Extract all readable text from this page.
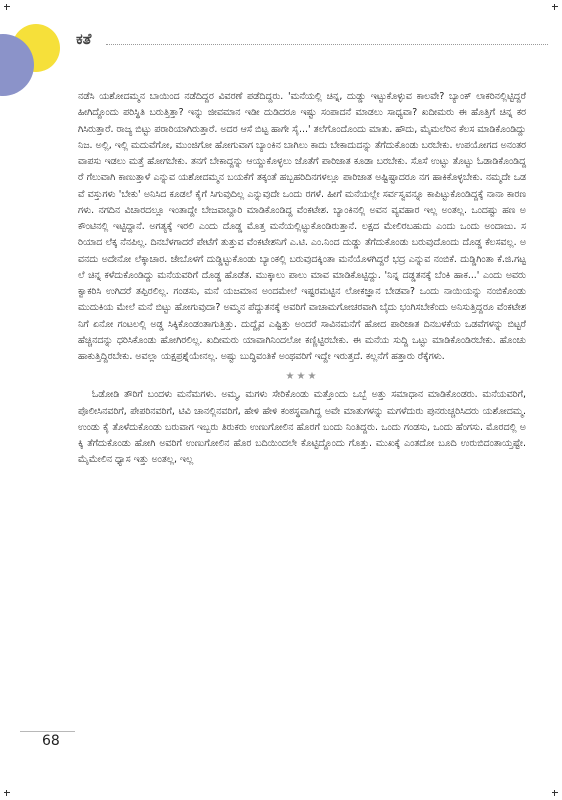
ಕತೆ

ನಡೆಸಿ ಯಶೋದಮ್ಮನ ಬಾಯಿಂದ ನಡೆದಿದ್ದರ ವಿವರಣೆ ಪಡೆದಿದ್ದರು. 'ಮನೆಯಲ್ಲಿ ಚಿನ್ನ, ದುಡ್ಡು ಇಟ್ಟುಕೊಳ್ಳುವ ಕಾಲವೇ? ಬ್ಯಾಂಕ್ ಲಾಕರಿನಲ್ಲಿಟ್ಟಿದ್ದರೆ ಹೀಗಿದ್ದೊಂದು ಪರಿಸ್ಥಿತಿ ಬರುತ್ತಿತ್ತಾ? ಇನ್ನು ಜೀವಮಾನ ಇಡೀ ದುಡಿದರೂ ಇಷ್ಟು ಸಂಪಾದನೆ ಮಾಡಲು ಸಾಧ್ಯವಾ? ಖದೀಮರು ಈ ಹೊತ್ತಿಗೆ ಚಿನ್ನ ಕರಗಿಸಿರುತ್ತಾರೆ. ರಾಜ್ಯ ಬಿಟ್ಟು ಪರಾರಿಯಾಗಿರುತ್ತಾರೆ. ಅದರ ಆಸೆ ಬಿಟ್ಟ ಹಾಗೇ ಸೈ...' ತಲೆಗೊಂದೊಂದು ಮಾತು. ಹೌದು, ಮೈಮಲೆರಿನ ಕೆಲಸ ಮಾಡಿಕೊಂಡಿದ್ದು ನಿಜ. ಅಲ್ಲಿ, ಇಲ್ಲಿ ಮದುವೆಗೋ, ಮುಂಜಿಗೋ ಹೋಗುವಾಗ ಬ್ಯಾಂಕಿನ ಬಾಗಿಲು ಕಾದು ಬೇಕಾದುದನ್ನು ತೆಗೆದುಕೊಂಡು ಬರಬೇಕು. ಉಪಯೋಗದ ಅನಂತರ ವಾಪಸು ಇಡಲು ಮತ್ತೆ ಹೋಗಬೇಕು. ತನಗೆ ಬೇಕಾದ್ದನ್ನು ಆಯ್ದುಕೊಳ್ಳಲು ಜೊತೆಗೆ ಪಾರಿಜಾತ ಕೂಡಾ ಬರಬೇಕು. ಸೊಸೆ ಉಟ್ಟು ತೊಟ್ಟು ಓಡಾಡಿಕೊಂಡಿದ್ದರೆ ಗೆಲುವಾಗಿ ಕಾಣುತ್ತಾಳೆ ಎನ್ನುವ ಯಶೋದಮ್ಮನ ಬಯಕೆಗೆ ತಕ್ಕಂತೆ ಹಬ್ಬಹರಿದಿನಗಳಲ್ಲೂ ಪಾರಿಜಾತ ಅಷ್ಟಿಷ್ಟಾದರೂ ನಗ ಹಾಕಿಕೊಳ್ಳಬೇಕು. ನಮ್ಮದೇ ಒಡವೆ ವಸ್ತುಗಳು 'ಬೇಕು' ಅನಿಸಿದ ಕೂಡಲೆ ಕೈಗೆ ಸಿಗುವುದಿಲ್ಲ ಎನ್ನುವುದೇ ಒಂದು ರಗಳೆ. ಹೀಗೆ ಮನೆಯಲ್ಲೇ ಸರ್ವಸ್ವವನ್ನೂ ಕಾಪಿಟ್ಟುಕೊಂಡಿದ್ದಕ್ಕೆ ನಾನಾ ಕಾರಣಗಳು. ನಗದಿನ ವಿಚಾರದಲ್ಲೂ ಇಂತಾದ್ದೇ ಬೇಜವಾಬ್ದಾರಿ ಮಾಡಿಕೊಂಡಿದ್ದ ವೆಂಕಟೇಶ. ಬ್ಯಾಂಕಿನಲ್ಲಿ ಅವನ ವ್ಯವಹಾರ ಇಲ್ಲ ಅಂತಲ್ಲ. ಒಂದಷ್ಟು ಹಣ ಅಕೌಂಟಿನಲ್ಲಿ ಇಟ್ಟಿದ್ದಾನೆ. ಅಗತ್ಯಕ್ಕೆ ಇರಲಿ ಎಂದು ದೊಡ್ಡ ಮೊತ್ತ ಮನೆಯಲ್ಲಿಟ್ಟುಕೊಂಡಿರುತ್ತಾನೆ. ಲಕ್ಷದ ಮೇಲಿರಬಹುದು ಎಂದು ಒಂದು ಅಂದಾಜು. ಸರಿಯಾದ ಲೆಕ್ಕ ನೆನಪಿಲ್ಲ. ದಿನಬೆಳಗಾದರೆ ಪೇಟೆಗೆ ತುತ್ತುವ ವೆಂಕಟೇಶನಿಗೆ ಎ.ಟಿ. ಎಂ.ನಿಂದ ದುಡ್ಡು ತೆಗೆದುಕೊಂಡು ಬರುವುದೊಂದು ದೊಡ್ಡ ಕೆಲಸವಲ್ಲ. ಅವನದು ಅದೇನೋ ಲೆಕ್ಕಾಚಾರ. ಜೇಬೊಳಗೆ ದುಡ್ಡಿಟ್ಟುಕೊಂಡು ಬ್ಯಾಂಕಲ್ಲಿ ಬರುವುದಕ್ಕಿಂತಾ ಮನೆಯೊಳಗಿದ್ದರೆ ಭದ್ರ ಎನ್ನುವ ನಂಬಿಕೆ. ದುಡ್ಡಿಗಿಂತಾ ಕೆ.ಜಿ.ಗಟ್ಟಲೆ ಚಿನ್ನ ಕಳೆದುಕೊಂಡಿದ್ದು ಮನೆಯವರಿಗೆ ದೊಡ್ಡ ಹೊಡೆತ. ಮುಕ್ಕಾಲು ಪಾಲು ಮಾವ ಮಾಡಿಕೊಟ್ಟಿದ್ದು. 'ನಿನ್ನ ದಡ್ಡತನಕ್ಕೆ ಬೆಂಕಿ ಹಾಕ...' ಎಂದು ಅವರು ಕ್ವಾಕರಿಸಿ ಉಗಿದರೆ ತಪ್ಪಿರಲಿಲ್ಲ. ಗಂಡಸು, ಮನೆ ಯಜಮಾನ ಅಂದಮೇಲೆ ಇಷ್ಟರಮಟ್ಟಿನ ಲೋಕಜ್ಞಾನ ಬೇಡವಾ? ಒಂದು ನಾಯಿಯನ್ನು ನಂಬಿಕೊಂಡು ಮುದುಕಿಯ ಮೇಲೆ ಮನೆ ಬಿಟ್ಟು ಹೋಗುವುದಾ? ಅಮ್ಮನ ಪೆದ್ದುತನಕ್ಕೆ ಅವರಿಗೆ ವಾಚಾಮಗೋಚರವಾಗಿ ಬೈದು ಭಂಗಿಸಬೇಕೆಂದು ಅನಿಸುತ್ತಿದ್ದರೂ ವೆಂಕಟೇಶನಿಗೆ ಏನೋ ಗಂಟಲಲ್ಲಿ ಅಡ್ಡ ಸಿಕ್ಕಿಕೊಂಡಂತಾಗುತ್ತಿತ್ತು. ದುದ್ದೈವ ಎಷ್ಟಿತ್ತು ಅಂದರೆ ಸಾವಿನಮನೆಗೆ ಹೋದ ಪಾರಿಜಾತ ದಿನಬಳಕೆಯ ಒಡವೆಗಳನ್ನು ಬಿಟ್ಟರೆ ಹೆಚ್ಚಿನದನ್ನು ಧರಿಸಿಕೊಂಡು ಹೋಗಿರಲಿಲ್ಲ. ಖದೀಮರು ಯಾವಾಗಿನಿಂದಲೋ ಕಣ್ಣಿಟ್ಟಿರಬೇಕು. ಈ ಮನೆಯ ಸುದ್ದಿ ಒಟ್ಟು ಮಾಡಿಕೊಂಡಿರಬೇಕು. ಹೊಂಚು ಹಾಕುತ್ತಿದ್ದಿರಬೇಕು. ಅವಲ್ಲಾ ಯಕ್ಷಪ್ರಶ್ನೆಯೇನಲ್ಲ. ಅಷ್ಟು ಬುದ್ಧಿವಂತಿಕೆ ಅಂಥವರಿಗೆ ಇದ್ದೇ ಇರುತ್ತದೆ. ಕಲ್ಲನೆಗೆ ಹತ್ತಾರು ರೆಕ್ಕೆಗಳು.

★★★

ಓಡೋಡಿ ತೌರಿಗೆ ಬಂದಳು ಮನೆಮಗಳು. ಅಮ್ಮ, ಮಗಳು ಸೇರಿಕೊಂಡು ಮತ್ತೊಂದು ಒಬ್ಬೆ ಅತ್ತು ಸಮಾಧಾನ ಮಾಡಿಕೊಂಡರು. ಮನೆಯವರಿಗೆ, ಪೊಲೀಸಿನವರಿಗೆ, ಪೇಪರಿನವರಿಗೆ, ಟಿವಿ ಚಾನಲ್ಲಿನವರಿಗೆ, ಹೇಳಿ ಹೇಳಿ ಕಂಠಸ್ಥವಾಗಿದ್ದ ಅವೇ ಮಾತುಗಳನ್ನು ಮಗಳೆದುರು ಪುನರುಚ್ಚರಿಸಿದರು ಯಶೋದಮ್ಮ. ಉಂಡು ಕೈ ತೊಳೆದುಕೊಂಡು ಬರುವಾಗ ಇಬ್ಬರು ತಿರುಕರು ಉಣುಗೋಲಿನ ಹೊರಗೆ ಬಂದು ನಿಂತಿದ್ದರು. ಒಂದು ಗಂಡಸು, ಒಂದು ಹೆಂಗಸು. ಮೊರದಲ್ಲಿ ಅಕ್ಕಿ ತೆಗೆದುಕೊಂಡು ಹೋಗಿ ಅವರಿಗೆ ಉಣುಗೋಲಿನ ಹೊರ ಬದಿಯಿಂದಲೇ ಕೊಟ್ಟಿದ್ದೊಂದು ಗೊತ್ತು. ಮುಖಕ್ಕೆ ಎಂತದೋ ಬೂದಿ ಉರುಬಿದಂತಾಯ್ತಷ್ಟೇ. ಮೈಮೇಲಿನ ಧ್ಯಾಸ ಇತ್ತು ಅಂತಲ್ಲ, ಇಲ್ಲ

68
